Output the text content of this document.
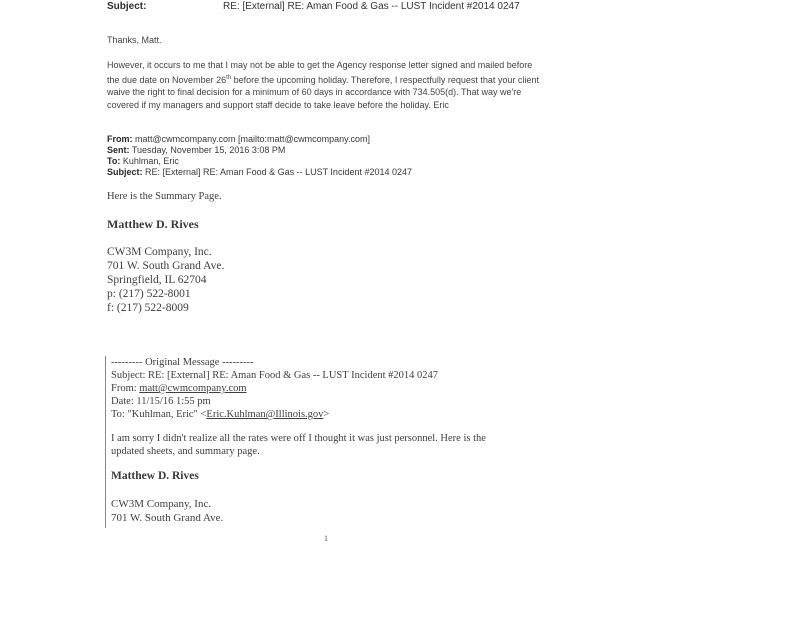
Subject:	RE: [External] RE: Aman Food & Gas -- LUST Incident #2014 0247
Thanks, Matt.

However, it occurs to me that I may not be able to get the Agency response letter signed and mailed before the due date on November 26th before the upcoming holiday. Therefore, I respectfully request that your client waive the right to final decision for a minimum of 60 days in accordance with 734.505(d). That way we're covered if my managers and support staff decide to take leave before the holiday. Eric

From: matt@cwmcompany.com [mailto:matt@cwmcompany.com]
Sent: Tuesday, November 15, 2016 3:08 PM
To: Kuhlman, Eric
Subject: RE: [External] RE: Aman Food & Gas -- LUST Incident #2014 0247
Here is the Summary Page.
Matthew D. Rives
CW3M Company, Inc.
701 W. South Grand Ave.
Springfield, IL 62704
p: (217) 522-8001
f: (217) 522-8009
--------- Original Message ---------
Subject: RE: [External] RE: Aman Food & Gas -- LUST Incident #2014 0247
From: matt@cwmcompany.com
Date: 11/15/16 1:55 pm
To: "Kuhlman, Eric" <Eric.Kuhlman@Illinois.gov>
I am sorry I didn't realize all the rates were off I thought it was just personnel. Here is the updated sheets, and summary page.
Matthew D. Rives
CW3M Company, Inc.
701 W. South Grand Ave.
1
